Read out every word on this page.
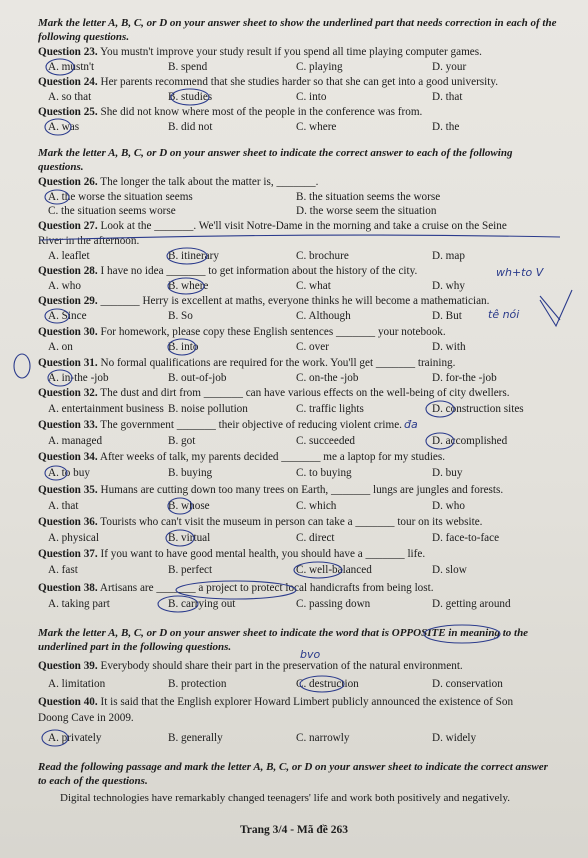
Mark the letter A, B, C, or D on your answer sheet to show the underlined part that needs correction in each of the following questions.
Question 23. You mustn't improve your study result if you spend all time playing computer games.
A. mustn't	B. spend	C. playing	D. your
Question 24. Her parents recommend that she studies harder so that she can get into a good university.
A. so that	B. studies	C. into	D. that
Question 25. She did not know where most of the people in the conference was from.
A. was	B. did not	C. where	D. the
Mark the letter A, B, C, or D on your answer sheet to indicate the correct answer to each of the following questions.
Question 26. The longer the talk about the matter is, _______.
A. the worse the situation seems	B. the situation seems the worse
C. the situation seems worse	D. the worse seem the situation
Question 27. Look at the _______. We'll visit Notre-Dame in the morning and take a cruise on the Seine
River in the afternoon.
A. leaflet	B. itinerary	C. brochure	D. map
Question 28. I have no idea _______ to get information about the history of the city.
A. who	B. where	C. what	D. why
Question 29. _______ Herry is excellent at maths, everyone thinks he will become a mathematician.
A. Since	B. So	C. Although	D. But
Question 30. For homework, please copy these English sentences _______ your notebook.
A. on	B. into	C. over	D. with
Question 31. No formal qualifications are required for the work. You'll get _______ training.
A. in-the -job	B. out-of-job	C. on-the -job	D. for-the -job
Question 32. The dust and dirt from _______ can have various effects on the well-being of city dwellers.
A. entertainment business B. noise pollution	C. traffic lights	D. construction sites
Question 33. The government _______ their objective of reducing violent crime.
A. managed	B. got	C. succeeded	D. accomplished
Question 34. After weeks of talk, my parents decided _______ me a laptop for my studies.
A. to buy	B. buying	C. to buying	D. buy
Question 35. Humans are cutting down too many trees on Earth, _______ lungs are jungles and forests.
A. that	B. whose	C. which	D. who
Question 36. Tourists who can't visit the museum in person can take a _______ tour on its website.
A. physical	B. virtual	C. direct	D. face-to-face
Question 37. If you want to have good mental health, you should have a _______ life.
A. fast	B. perfect	C. well-balanced	D. slow
Question 38. Artisans are _______ a project to protect local handicrafts from being lost.
A. taking part	B. carrying out	C. passing down	D. getting around
Mark the letter A, B, C, or D on your answer sheet to indicate the word that is OPPOSITE in meaning to the underlined part in the following questions.
Question 39. Everybody should share their part in the preservation of the natural environment.
A. limitation	B. protection	C. destruction	D. conservation
Question 40. It is said that the English explorer Howard Limbert publicly announced the existence of Son
Doong Cave in 2009.
A. privately	B. generally	C. narrowly	D. widely
Read the following passage and mark the letter A, B, C, or D on your answer sheet to indicate the correct answer to each of the questions.
Digital technologies have remarkably changed teenagers' life and work both positively and negatively.
Trang 3/4 - Mã đề 263
wh+to V
tê nói
đa
bvo
